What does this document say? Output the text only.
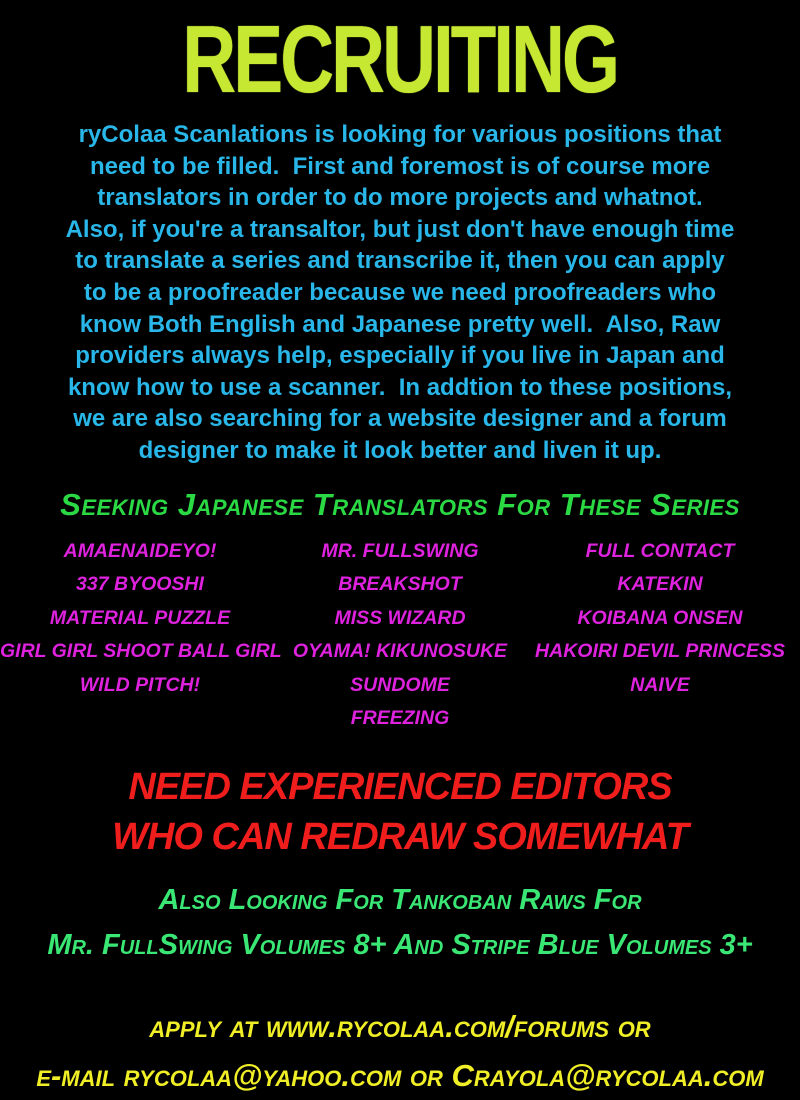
RECRUITING
ryColaa Scanlations is looking for various positions that
need to be filled.  First and foremost is of course more
translators in order to do more projects and whatnot.
Also, if you're a transaltor, but just don't have enough time
to translate a series and transcribe it, then you can apply
to be a proofreader because we need proofreaders who
know Both English and Japanese pretty well.  Also, Raw
providers always help, especially if you live in Japan and
know how to use a scanner.  In addtion to these positions,
we are also searching for a website designer and a forum
designer to make it look better and liven it up.
Seeking Japanese Translators For These Series
AMAENAIDEYO!
337 BYOOSHI
MATERIAL PUZZLE
GIRL GIRL SHOOT BALL GIRL
WILD PITCH!
MR. FULLSWING
BREAKSHOT
MISS WIZARD
OYAMA! KIKUNOSUKE
SUNDOME
FREEZING
FULL CONTACT
KATEKIN
KOIBANA ONSEN
HAKOIRI DEVIL PRINCESS
NAIVE
NEED EXPERIENCED EDITORS
WHO CAN REDRAW SOMEWHAT
Also Looking For Tankoban Raws For
Mr. FullSwing Volumes 8+ And Stripe Blue Volumes 3+
apply at www.rycolaa.com/forums or
e-mail rycolaa@yahoo.com or Crayola@rycolaa.com
